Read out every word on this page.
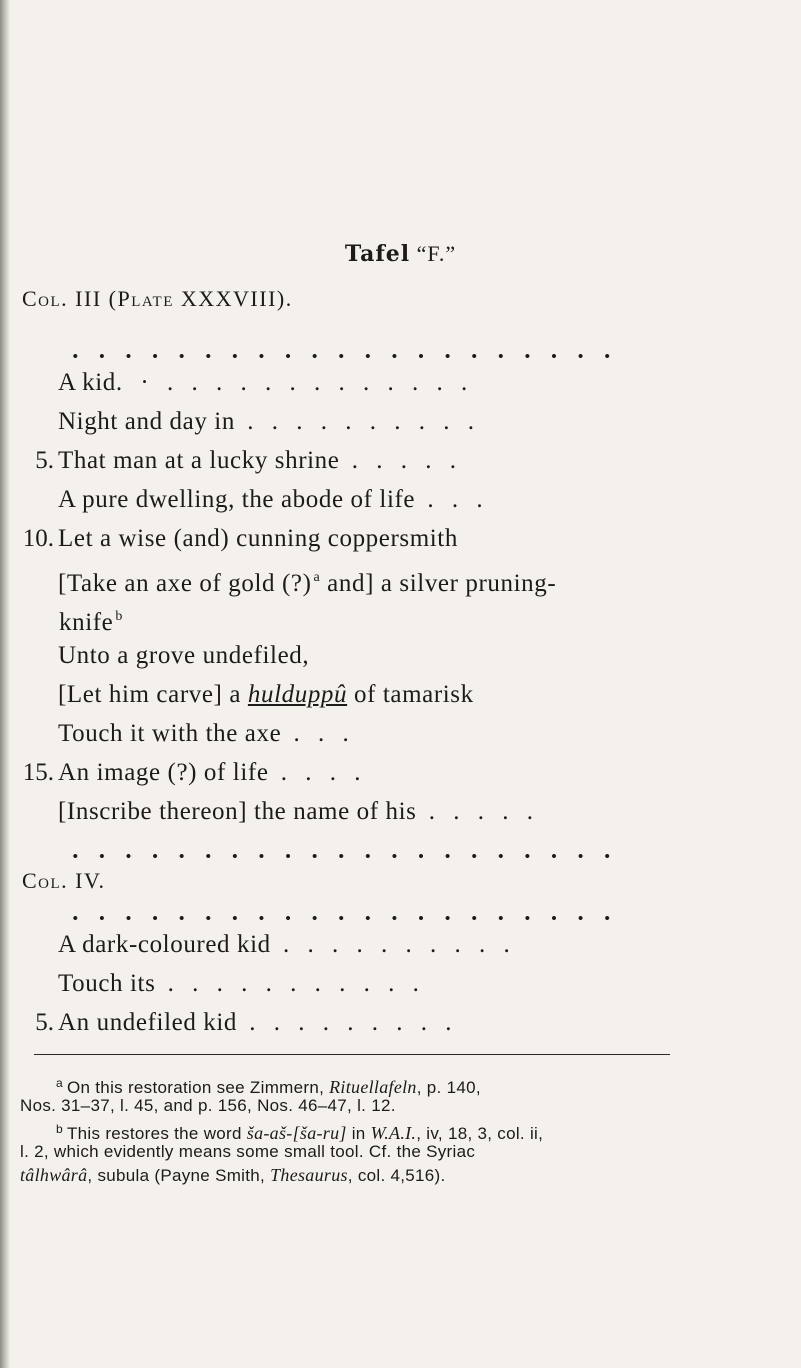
Tafel “F.”
Col. III (Plate XXXVIII).
A kid. · . . . . . . . . . . . . .
Night and day in . . . . . . . . . .
5. That man at a lucky shrine . . . . .
A pure dwelling, the abode of life . . .
10. Let a wise (and) cunning coppersmith
[Take an axe of gold (?) $^a$ and] a silver pruning-
knife $^b$
Unto a grove undefiled,
[Let him carve] a hulduppû of tamarisk
Touch it with the axe . . .
15. An image (?) of life . . . .
[Inscribe thereon] the name of his . . . . .
Col. IV.
A dark-coloured kid . . . . . . . . . .
Touch its . . . . . . . . . . .
5. An undefiled kid . . . . . . . . .
$^a$ On this restoration see Zimmern, Rituellafeln, p. 140,
Nos. 31–37, l. 45, and p. 156, Nos. 46–47, l. 12.
$^b$ This restores the word ša-aš-[ša-ru] in W.A.I., iv, 18, 3, col. ii,
l. 2, which evidently means some small tool. Cf. the Syriac
tâlhwârâ, subula (Payne Smith, Thesaurus, col. 4,516).
